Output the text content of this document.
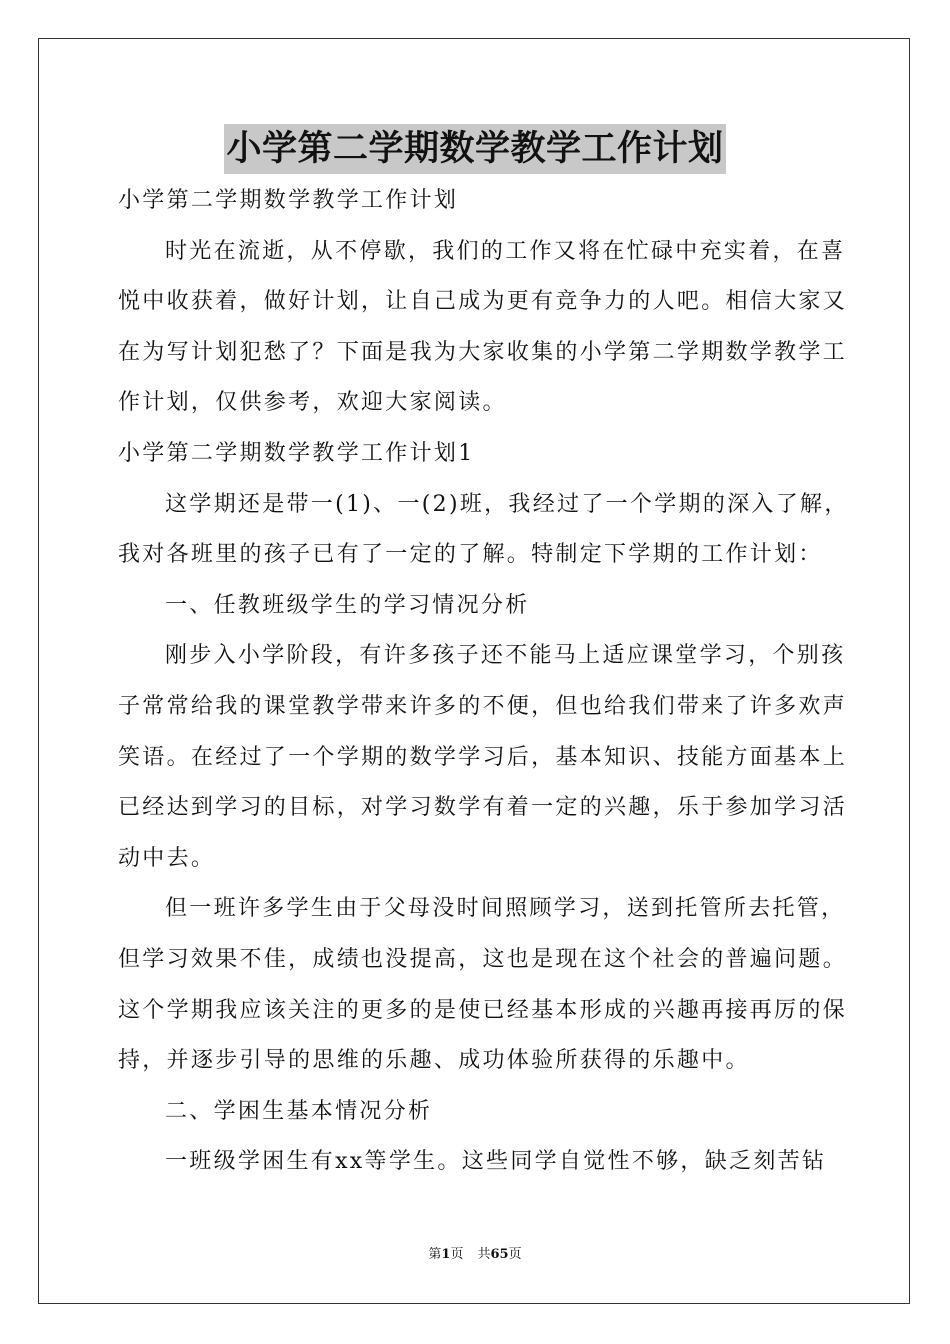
小学第二学期数学教学工作计划
小学第二学期数学教学工作计划
时光在流逝，从不停歇，我们的工作又将在忙碌中充实着，在喜
悦中收获着，做好计划，让自己成为更有竞争力的人吧。相信大家又
在为写计划犯愁了？下面是我为大家收集的小学第二学期数学教学工
作计划，仅供参考，欢迎大家阅读。
小学第二学期数学教学工作计划1
这学期还是带一(1)、一(2)班，我经过了一个学期的深入了解，
我对各班里的孩子已有了一定的了解。特制定下学期的工作计划：
一、任教班级学生的学习情况分析
刚步入小学阶段，有许多孩子还不能马上适应课堂学习，个别孩
子常常给我的课堂教学带来许多的不便，但也给我们带来了许多欢声
笑语。在经过了一个学期的数学学习后，基本知识、技能方面基本上
已经达到学习的目标，对学习数学有着一定的兴趣，乐于参加学习活
动中去。
但一班许多学生由于父母没时间照顾学习，送到托管所去托管，
但学习效果不佳，成绩也没提高，这也是现在这个社会的普遍问题。
这个学期我应该关注的更多的是使已经基本形成的兴趣再接再厉的保
持，并逐步引导的思维的乐趣、成功体验所获得的乐趣中。
二、学困生基本情况分析
一班级学困生有xx等学生。这些同学自觉性不够，缺乏刻苦钻
第1页 共65页
